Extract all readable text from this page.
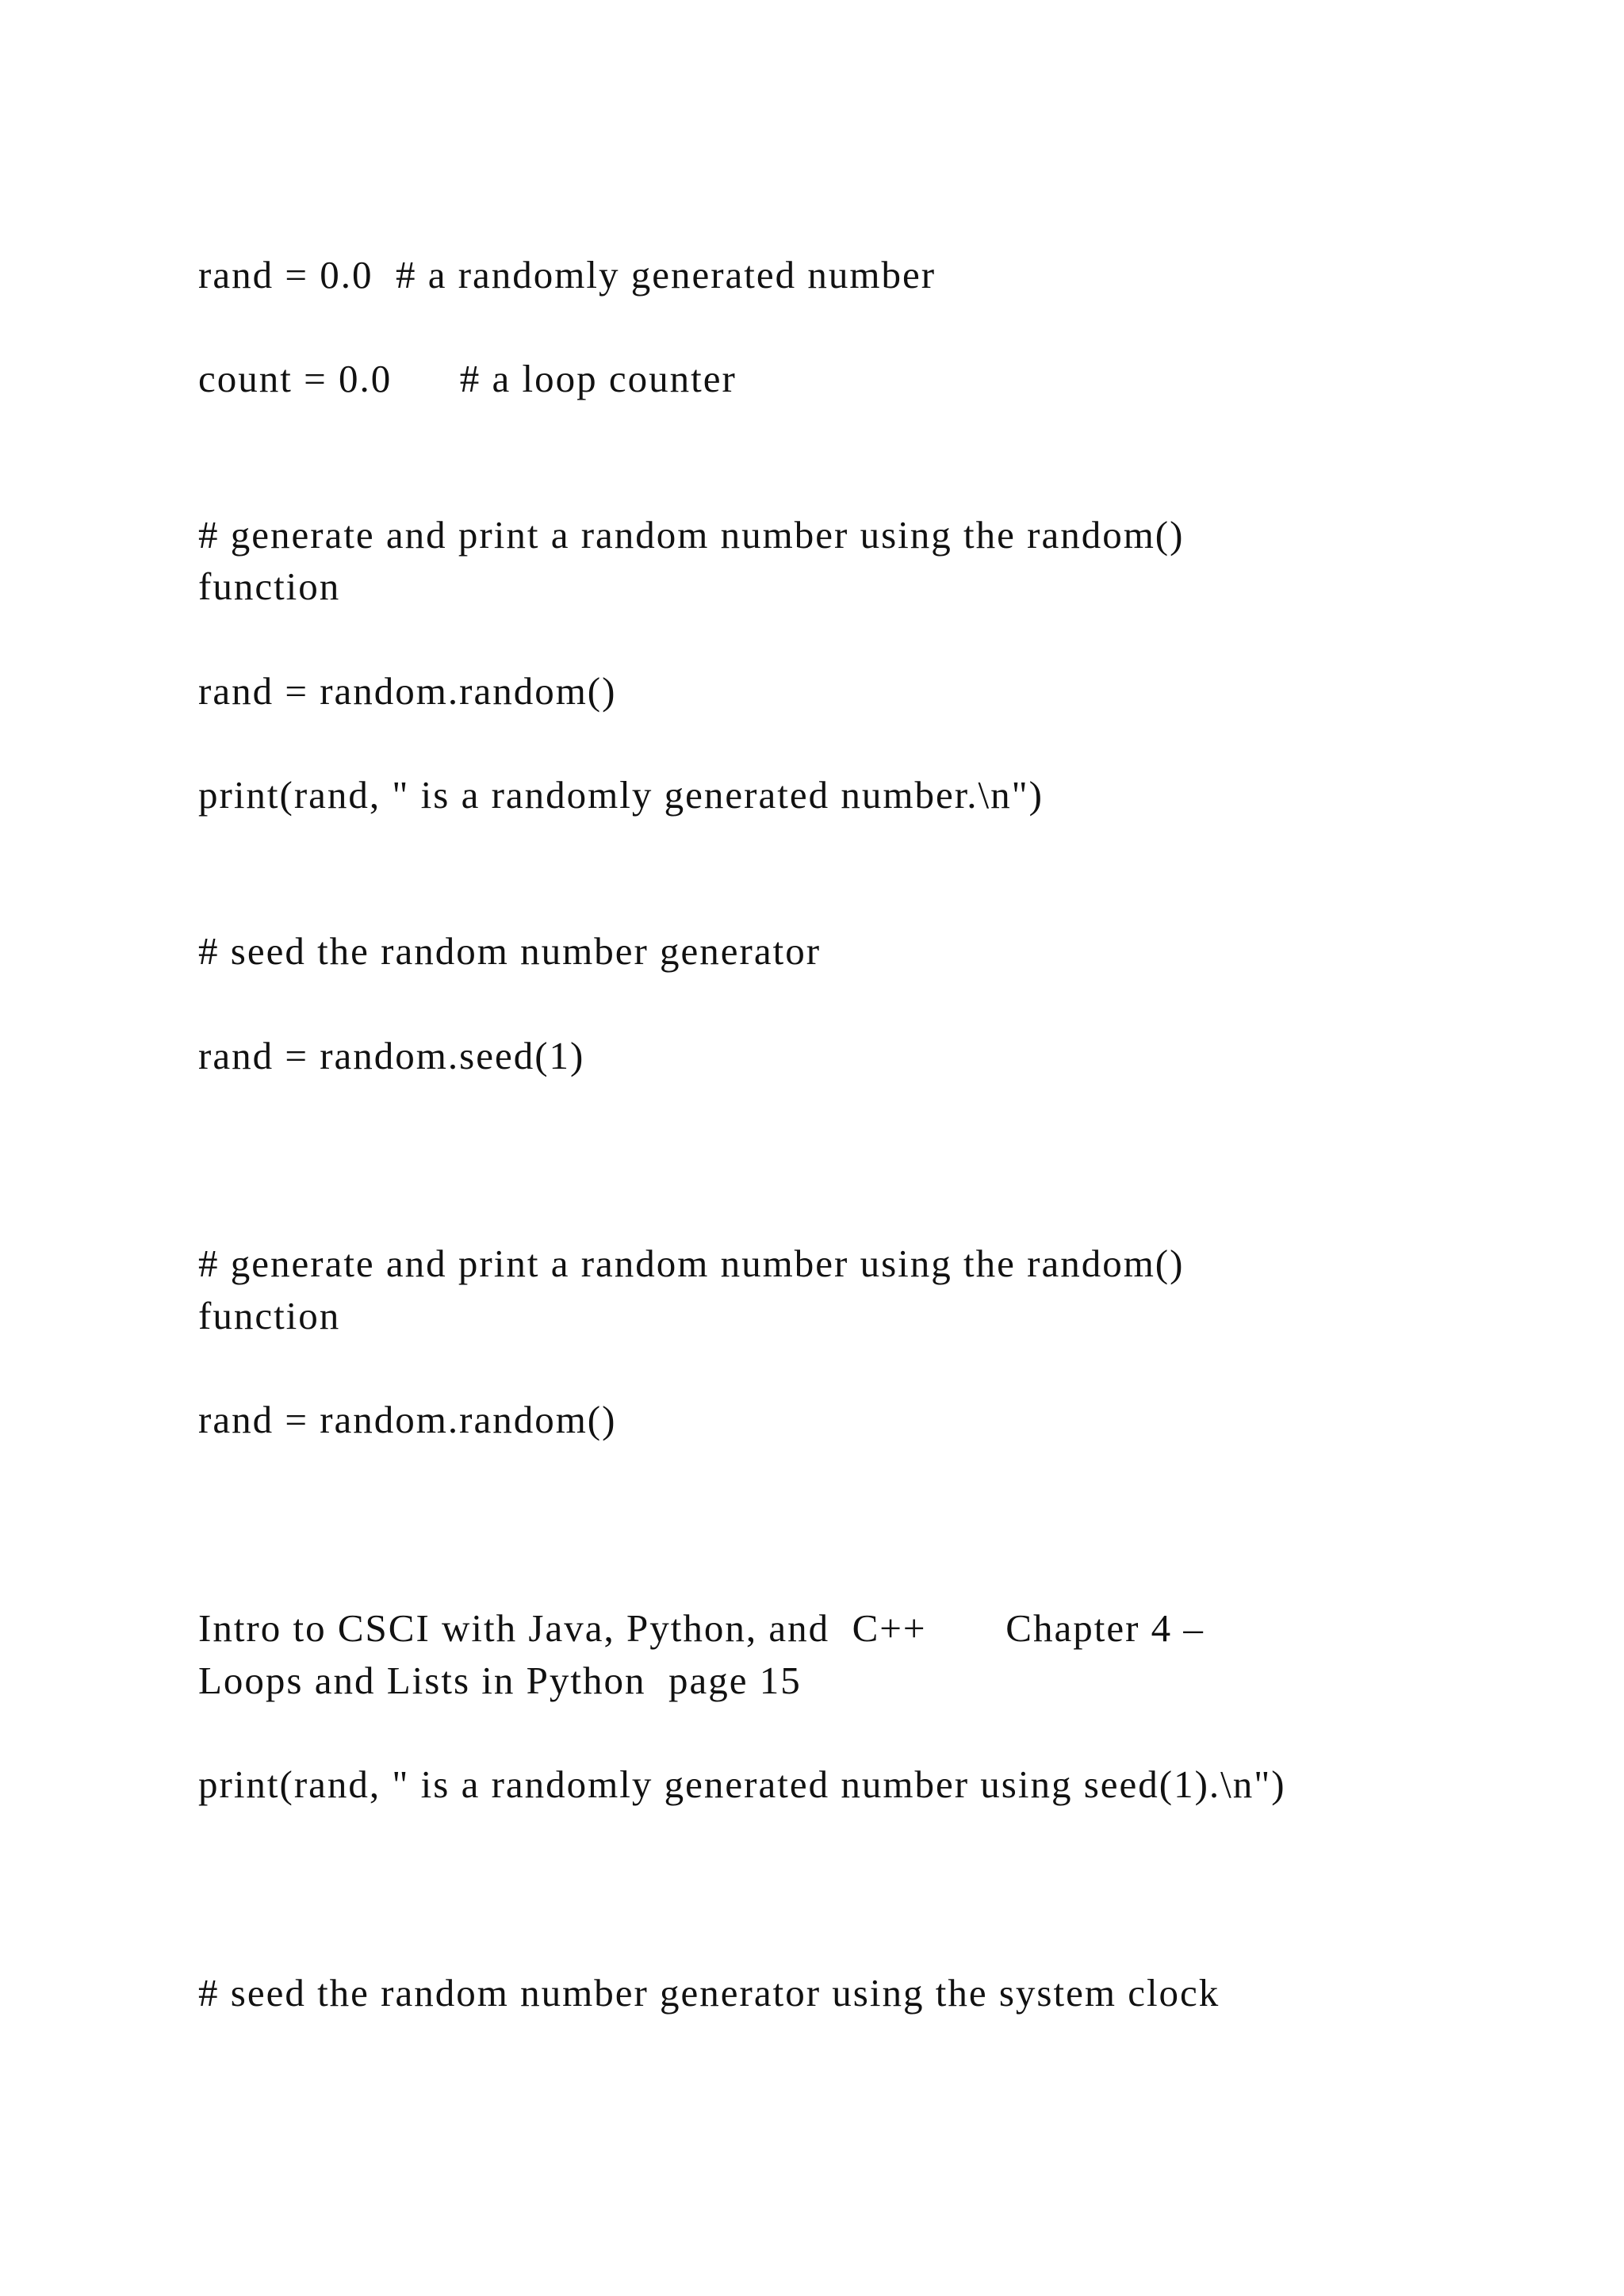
rand = 0.0  # a randomly generated number

count = 0.0      # a loop counter

# generate and print a random number using the random()

function

rand = random.random()

print(rand, " is a randomly generated number.\n")

# seed the random number generator

rand = random.seed(1)

# generate and print a random number using the random()

function

rand = random.random()

Intro to CSCI with Java, Python, and  C++       Chapter 4 –

Loops and Lists in Python  page 15

print(rand, " is a randomly generated number using seed(1).\n")

# seed the random number generator using the system clock
